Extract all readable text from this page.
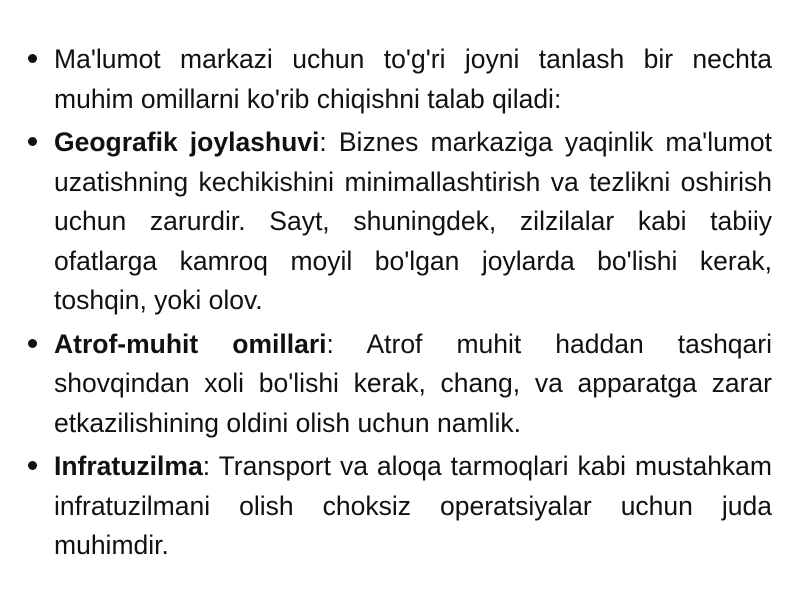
Ma'lumot markazi uchun to'g'ri joyni tanlash bir nechta muhim omillarni ko'rib chiqishni talab qiladi:
Geografik joylashuvi: Biznes markaziga yaqinlik ma'lumot uzatishning kechikishini minimallashtirish va tezlikni oshirish uchun zarurdir. Sayt, shuningdek, zilzilalar kabi tabiiy ofatlarga kamroq moyil bo'lgan joylarda bo'lishi kerak, toshqin, yoki olov.
Atrof-muhit omillari: Atrof muhit haddan tashqari shovqindan xoli bo'lishi kerak, chang, va apparatga zarar etkazilishining oldini olish uchun namlik.
Infratuzilma: Transport va aloqa tarmoqlari kabi mustahkam infratuzilmani olish choksiz operatsiyalar uchun juda muhimdir.
